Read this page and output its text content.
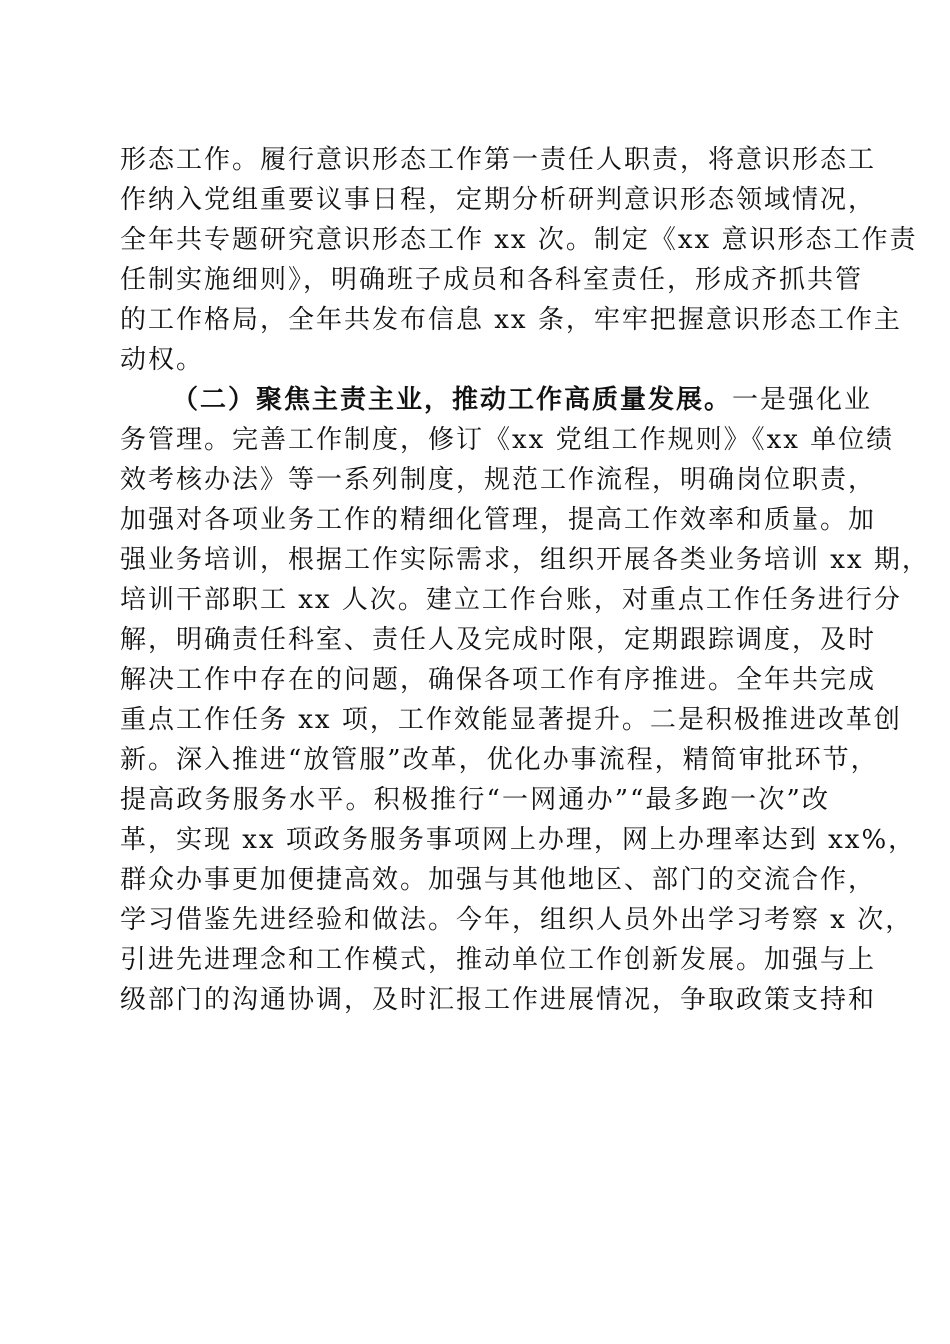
形态工作。履行意识形态工作第一责任人职责，将意识形态工
作纳入党组重要议事日程，定期分析研判意识形态领域情况，
全年共专题研究意识形态工作 xx 次。制定《xx 意识形态工作责
任制实施细则》，明确班子成员和各科室责任，形成齐抓共管
的工作格局，全年共发布信息 xx 条，牢牢把握意识形态工作主
动权。
（二）聚焦主责主业，推动工作高质量发展。一是强化业
务管理。完善工作制度，修订《xx 党组工作规则》《xx 单位绩
效考核办法》等一系列制度，规范工作流程，明确岗位职责，
加强对各项业务工作的精细化管理，提高工作效率和质量。加
强业务培训，根据工作实际需求，组织开展各类业务培训 xx 期，
培训干部职工 xx 人次。建立工作台账，对重点工作任务进行分
解，明确责任科室、责任人及完成时限，定期跟踪调度，及时
解决工作中存在的问题，确保各项工作有序推进。全年共完成
重点工作任务 xx 项，工作效能显著提升。二是积极推进改革创
新。深入推进“放管服”改革，优化办事流程，精简审批环节，
提高政务服务水平。积极推行“一网通办”“最多跑一次”改
革，实现 xx 项政务服务事项网上办理，网上办理率达到 xx%，
群众办事更加便捷高效。加强与其他地区、部门的交流合作，
学习借鉴先进经验和做法。今年，组织人员外出学习考察 x 次，
引进先进理念和工作模式，推动单位工作创新发展。加强与上
级部门的沟通协调，及时汇报工作进展情况，争取政策支持和
